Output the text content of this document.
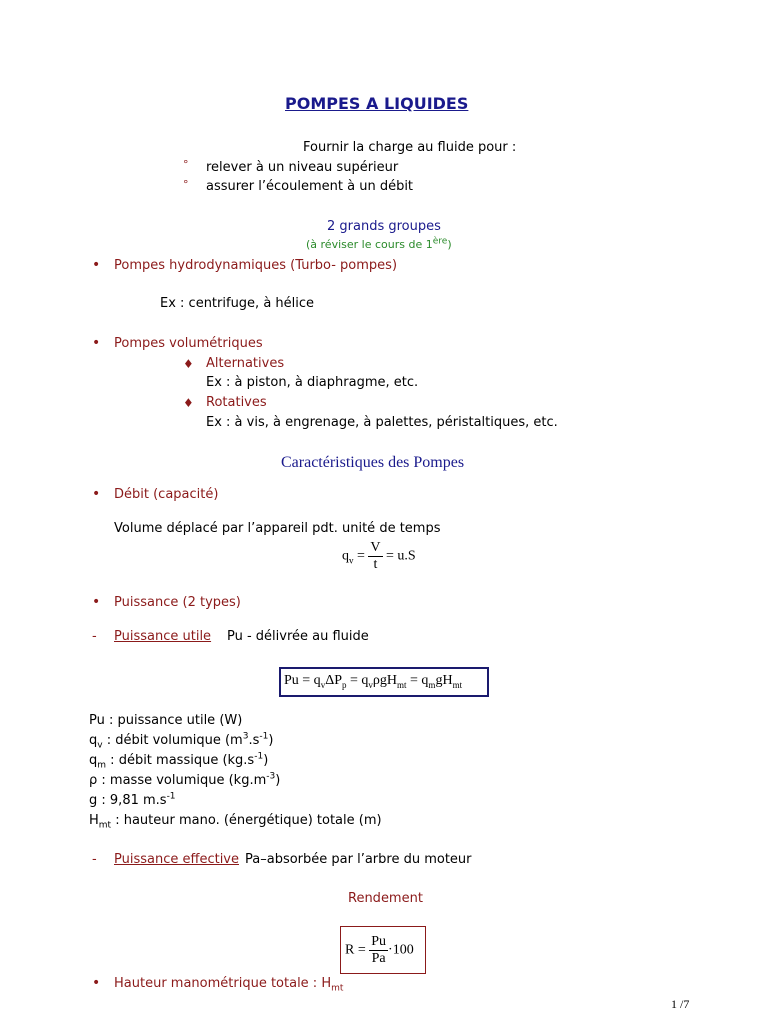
POMPES A LIQUIDES
Fournir la charge au fluide pour :
° relever à un niveau supérieur
° assurer l’écoulement à un débit
2 grands groupes
(à réviser le cours de 1ère)
• Pompes hydrodynamiques (Turbo- pompes)
Ex : centrifuge, à hélice
• Pompes volumétriques
♦ Alternatives
Ex : à piston, à diaphragme, etc.
♦ Rotatives
Ex : à vis, à engrenage, à palettes, péristaltiques, etc.
Caractéristiques des Pompes
• Débit (capacité)
Volume déplacé par l’appareil pdt. unité de temps
$q_v = \frac{V}{t} = u.S$
• Puissance (2 types)
- Puissance utile Pu - délivrée au fluide
$Pu = q_v\Delta P_p = q_v\rho gH_{mt} = q_mgH_{mt}$
Pu : puissance utile (W)
$q_v$ : débit volumique $(m^3.s^{-1})$
$q_m$ : débit massique $(kg.s^{-1})$
ρ : masse volumique $(kg.m^{-3})$
g : 9,81 $m.s^{-1}$
$H_{mt}$ : hauteur mano. (énergétique) totale (m)
- Puissance effective Pa–absorbée par l’arbre du moteur
Rendement
$R = \frac{Pu}{Pa} \cdot 100$
• Hauteur manométrique totale : $H_{mt}$
1 /7
